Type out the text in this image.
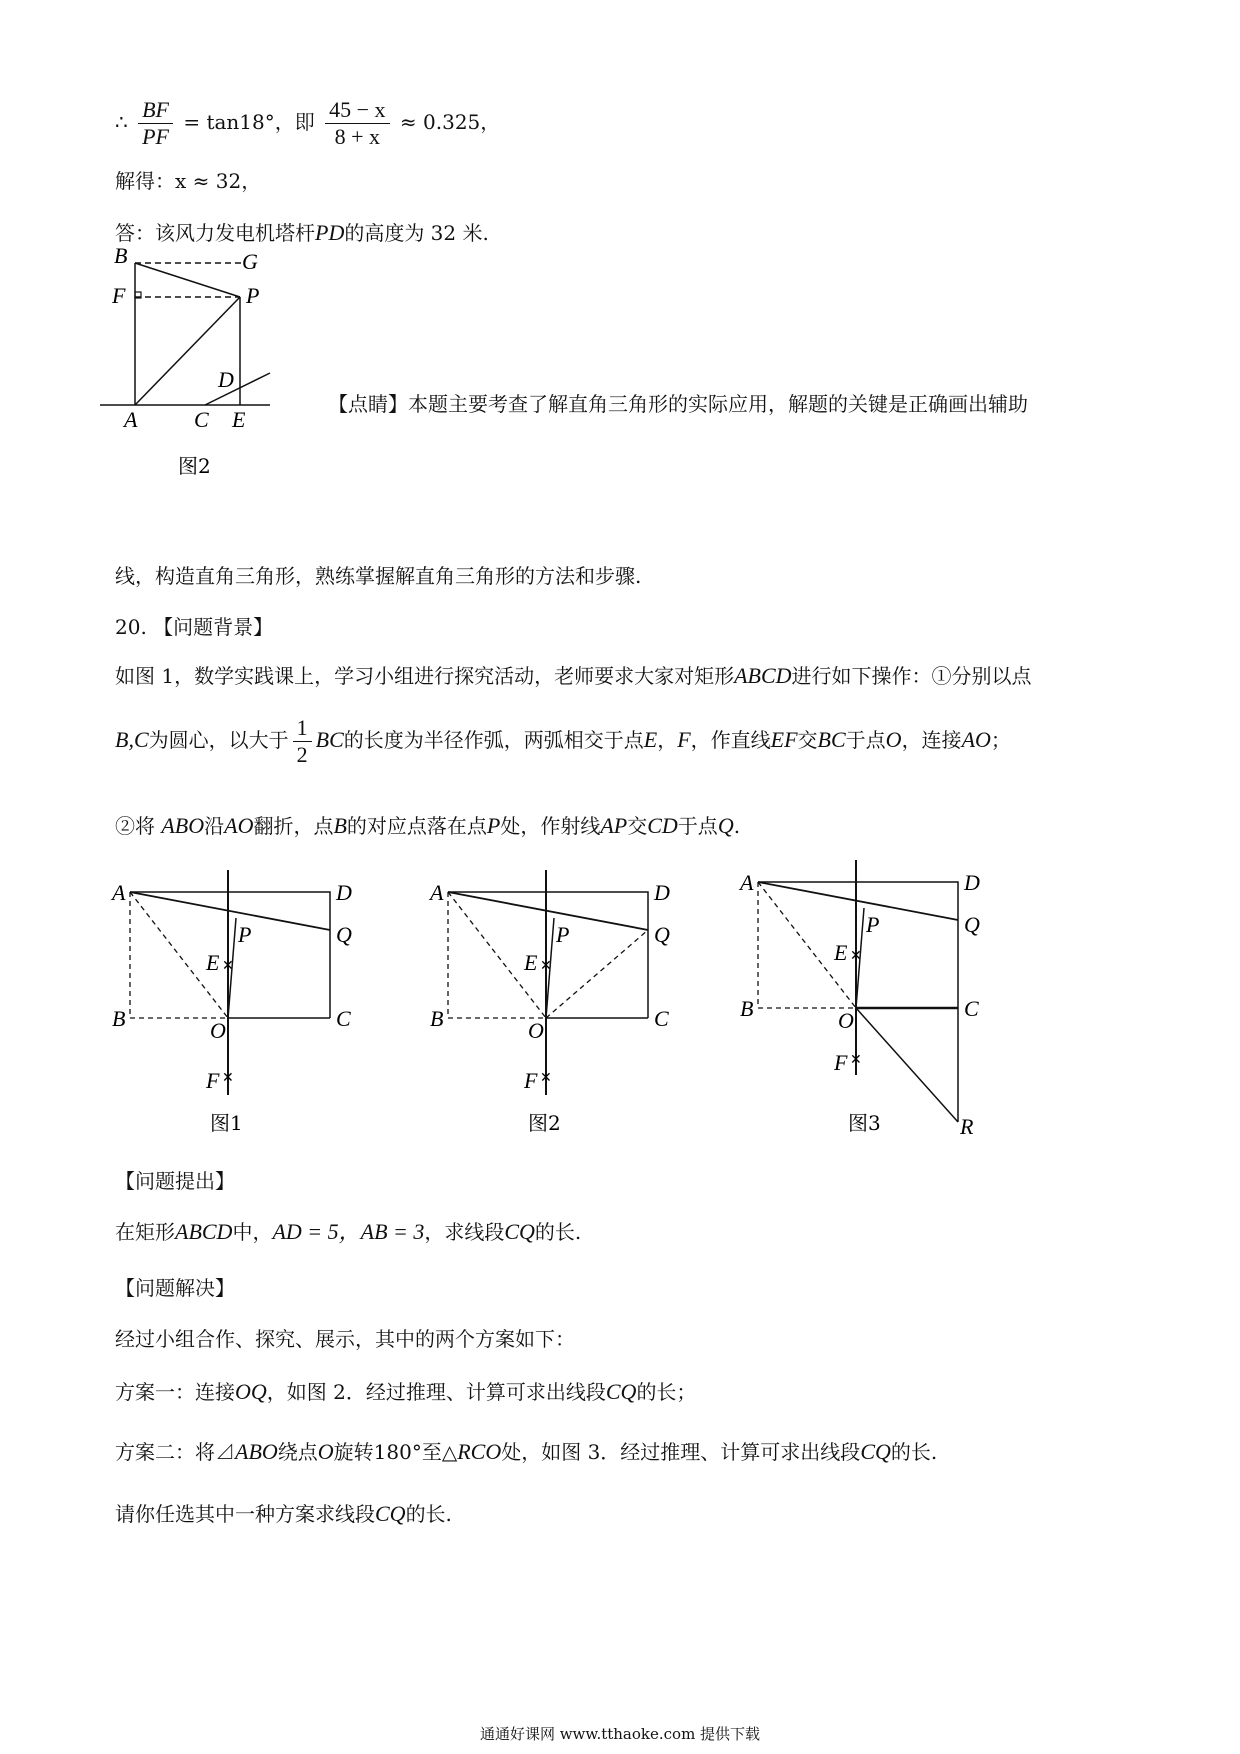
∴ $\frac{BF}{PF} = \tan 18^\circ$，即 $\frac{45 - x}{8 + x} \approx 0.325$，
解得：x ≈ 32，
答：该风力发电机塔杆PD的高度为 32 米.
B	G
F	P
D
A	C E
图2
【点睛】本题主要考查了解直角三角形的实际应用，解题的关键是正确画出辅助
线，构造直角三角形，熟练掌握解直角三角形的方法和步骤.
20. 【问题背景】
如图 1，数学实践课上，学习小组进行探究活动，老师要求大家对矩形ABCD进行如下操作：①分别以点
B,C为圆心，以大于 $\frac{1}{2}$ BC的长度为半径作弧，两弧相交于点E，F，作直线EF交BC于点O，连接AO；
②将 ABO沿AO翻折，点B的对应点落在点P处，作射线AP交CD于点Q.
✕
✕
A	D
P	Q
E
B	O	C
F
图1
✕
✕
A	D
P	Q
E
B	O	C
F
图2
✕
✕
A	D
P	Q
E
B	O	C
F
R
图3
【问题提出】
在矩形ABCD中，AD = 5，AB = 3，求线段CQ的长.
【问题解决】
经过小组合作、探究、展示，其中的两个方案如下：
方案一：连接OQ，如图 2．经过推理、计算可求出线段CQ的长；
方案二：将⊿ABO绕点O旋转180°至△RCO处，如图 3．经过推理、计算可求出线段CQ的长.
请你任选其中一种方案求线段CQ的长.
通通好课网 www.tthaoke.com 提供下载
